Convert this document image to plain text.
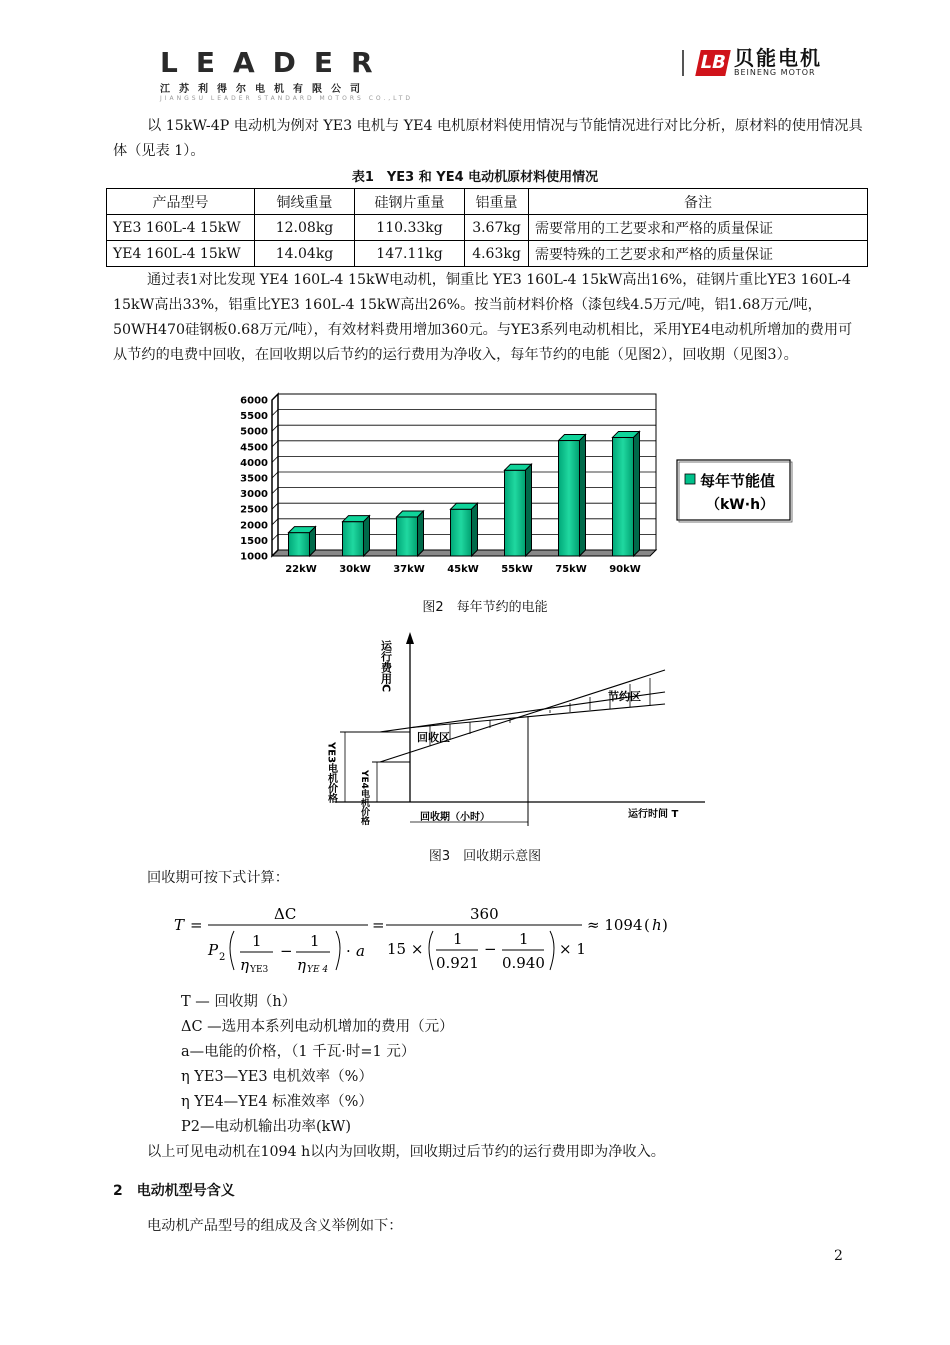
LEADER
江苏利得尔电机有限公司
JIANGSU LEADER STANDARD MOTORS CO.,LTD
LB 贝能电机
BEINENG MOTOR
以 15kW-4P 电动机为例对 YE3 电机与 YE4 电机原材料使用情况与节能情况进行对比分析，原材料的使用情况具体（见表 1）。
表1　YE3 和 YE4 电动机原材料使用情况
产品型号	铜线重量	硅钢片重量	铝重量	备注
YE3 160L-4 15kW	12.08kg	110.33kg	3.67kg	需要常用的工艺要求和严格的质量保证
YE4 160L-4 15kW	14.04kg	147.11kg	4.63kg	需要特殊的工艺要求和严格的质量保证
通过表1对比发现 YE4 160L-4 15kW电动机，铜重比 YE3 160L-4 15kW高出16%，硅钢片重比YE3 160L-4 15kW高出33%，铝重比YE3 160L-4 15kW高出26%。按当前材料价格（漆包线4.5万元/吨，铝1.68万元/吨，50WH470硅钢板0.68万元/吨），有效材料费用增加360元。与YE3系列电动机相比，采用YE4电动机所增加的费用可从节约的电费中回收，在回收期以后节约的运行费用为净收入，每年节约的电能（见图2），回收期（见图3）。
1000
1500
2000
2500
3000
3500
4000
4500
5000
5500
6000
22kW 30kW 37kW 45kW 55kW 75kW 90kW
每年节能值
（kW·h）
图2　每年节约的电能
回收区
节约区
回收期（小时）	运行时间 T
运行费用C
YE3电机价格	YE4电机价格
图3　回收期示意图
回收期可按下式计算：
T =
ΔC
P 2
1
η YE3
−
1
η YE 4
· a
=
360
15 ×
1
0.921
−
1
0.940
× 1
≈ 1094 ( h )
T — 回收期（h）
ΔC —选用本系列电动机增加的费用（元）
a—电能的价格，（1 千瓦·时=1 元）
η YE3—YE3 电机效率（%）
η YE4—YE4 标准效率（%）
P2—电动机输出功率(kW)
以上可见电动机在1094 h以内为回收期，回收期过后节约的运行费用即为净收入。
2　电动机型号含义
电动机产品型号的组成及含义举例如下：
2
